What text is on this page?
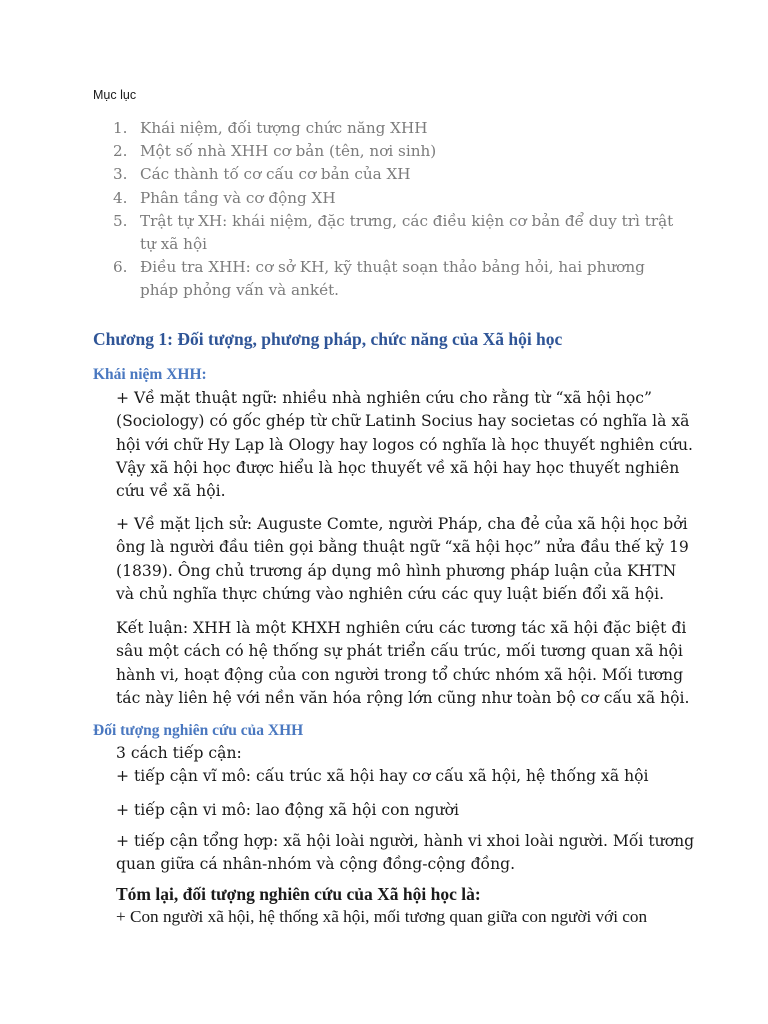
Mục lục
1. Khái niệm, đối tượng chức năng XHH
2. Một số nhà XHH cơ bản (tên, nơi sinh)
3. Các thành tố cơ cấu cơ bản của XH
4. Phân tầng và cơ động XH
5. Trật tự XH: khái niệm, đặc trưng, các điều kiện cơ bản để duy trì trật tự xã hội
6. Điều tra XHH: cơ sở KH, kỹ thuật soạn thảo bảng hỏi, hai phương pháp phỏng vấn và ankét.
Chương 1: Đối tượng, phương pháp, chức năng của Xã hội học
Khái niệm XHH:

+ Về mặt thuật ngữ: nhiều nhà nghiên cứu cho rằng từ “xã hội học” (Sociology) có gốc ghép từ chữ Latinh Socius hay societas có nghĩa là xã hội với chữ Hy Lạp là Ology hay logos có nghĩa là học thuyết nghiên cứu. Vậy xã hội học được hiểu là học thuyết về xã hội hay học thuyết nghiên cứu về xã hội.

+ Về mặt lịch sử: Auguste Comte, người Pháp, cha đẻ của xã hội học bởi ông là người đầu tiên gọi bằng thuật ngữ “xã hội học” nửa đầu thế kỷ 19 (1839). Ông chủ trương áp dụng mô hình phương pháp luận của KHTN và chủ nghĩa thực chứng vào nghiên cứu các quy luật biến đổi xã hội.

Kết luận: XHH là một KHXH nghiên cứu các tương tác xã hội đặc biệt đi sâu một cách có hệ thống sự phát triển cấu trúc, mối tương quan xã hội hành vi, hoạt động của con người trong tổ chức nhóm xã hội. Mối tương tác này liên hệ với nền văn hóa rộng lớn cũng như toàn bộ cơ cấu xã hội.

Đối tượng nghiên cứu của XHH

3 cách tiếp cận:

+ tiếp cận vĩ mô: cấu trúc xã hội hay cơ cấu xã hội, hệ thống xã hội

+ tiếp cận vi mô: lao động xã hội con người

+ tiếp cận tổng hợp: xã hội loài người, hành vi xhoi loài người. Mối tương quan giữa cá nhân-nhóm và cộng đồng-cộng đồng.

Tóm lại, đối tượng nghiên cứu của Xã hội học là:

+ Con người xã hội, hệ thống xã hội, mối tương quan giữa con người với con
